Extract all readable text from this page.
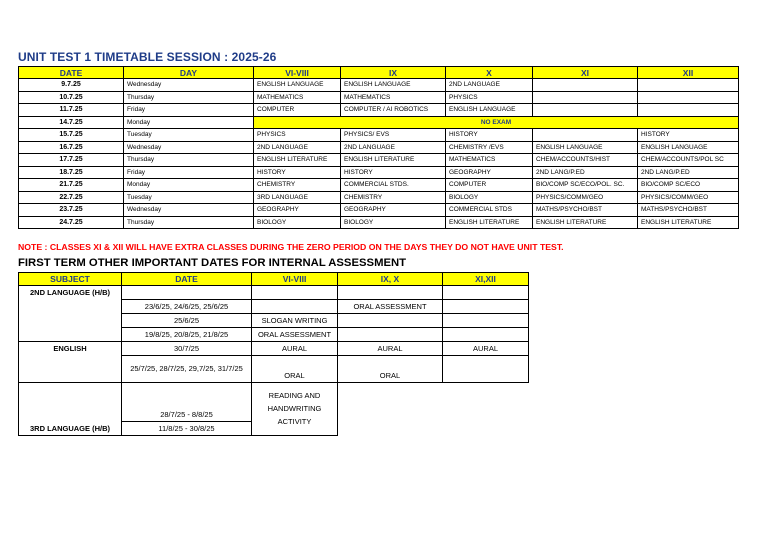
UNIT TEST 1 TIMETABLE SESSION : 2025-26
DATE	DAY	VI-VIII	IX	X	XI	XII
9.7.25	Wednesday	ENGLISH LANGUAGE	ENGLISH LANGUAGE	2ND LANGUAGE		
10.7.25	Thursday	MATHEMATICS	MATHEMATICS	PHYSICS		
11.7.25	Friday	COMPUTER	COMPUTER / AI ROBOTICS	ENGLISH LANGUAGE		
14.7.25	Monday	NO EXAM				
15.7.25	Tuesday	PHYSICS	PHYSICS/ EVS	HISTORY		HISTORY
16.7.25	Wednesday	2ND LANGUAGE	2ND LANGUAGE	CHEMISTRY /EVS	ENGLISH LANGUAGE	ENGLISH LANGUAGE
17.7.25	Thursday	ENGLISH LITERATURE	ENGLISH LITERATURE	MATHEMATICS	CHEM/ACCOUNTS/HIST	CHEM/ACCOUNTS/POL SC
18.7.25	Friday	HISTORY	HISTORY	GEOGRAPHY	2ND LANG/P.ED	2ND LANG/P.ED
21.7.25	Monday	CHEMISTRY	COMMERCIAL STDS.	COMPUTER	BIO/COMP SC/ECO/POL. SC.	BIO/COMP SC/ECO
22.7.25	Tuesday	3RD LANGUAGE	CHEMISTRY	BIOLOGY	PHYSICS/COMM/GEO	PHYSICS/COMM/GEO
23.7.25	Wednesday	GEOGRAPHY	GEOGRAPHY	COMMERCIAL STDS	MATHS/PSYCHO/BST	MATHS/PSYCHO/BST
24.7.25	Thursday	BIOLOGY	BIOLOGY	ENGLISH LITERATURE	ENGLISH LITERATURE	ENGLISH LITERATURE
NOTE : CLASSES XI & XII WILL HAVE EXTRA CLASSES DURING THE ZERO PERIOD ON THE DAYS THEY DO NOT HAVE UNIT TEST.
FIRST TERM OTHER IMPORTANT DATES FOR INTERNAL ASSESSMENT
SUBJECT	DATE	VI-VIII	IX, X	XI,XII
2ND LANGUAGE (H/B)				
	23/6/25, 24/6/25, 25/6/25		ORAL ASSESSMENT	
	25/6/25	SLOGAN WRITING		
	19/8/25, 20/8/25, 21/8/25	ORAL ASSESSMENT		
ENGLISH	30/7/25	AURAL	AURAL	AURAL
	25/7/25, 28/7/25, 29,7/25, 31/7/25	ORAL	ORAL	
3RD LANGUAGE (H/B)	28/7/25 - 8/8/25	READING AND HANDWRITING ACTIVITY		
	11/8/25 - 30/8/25			
